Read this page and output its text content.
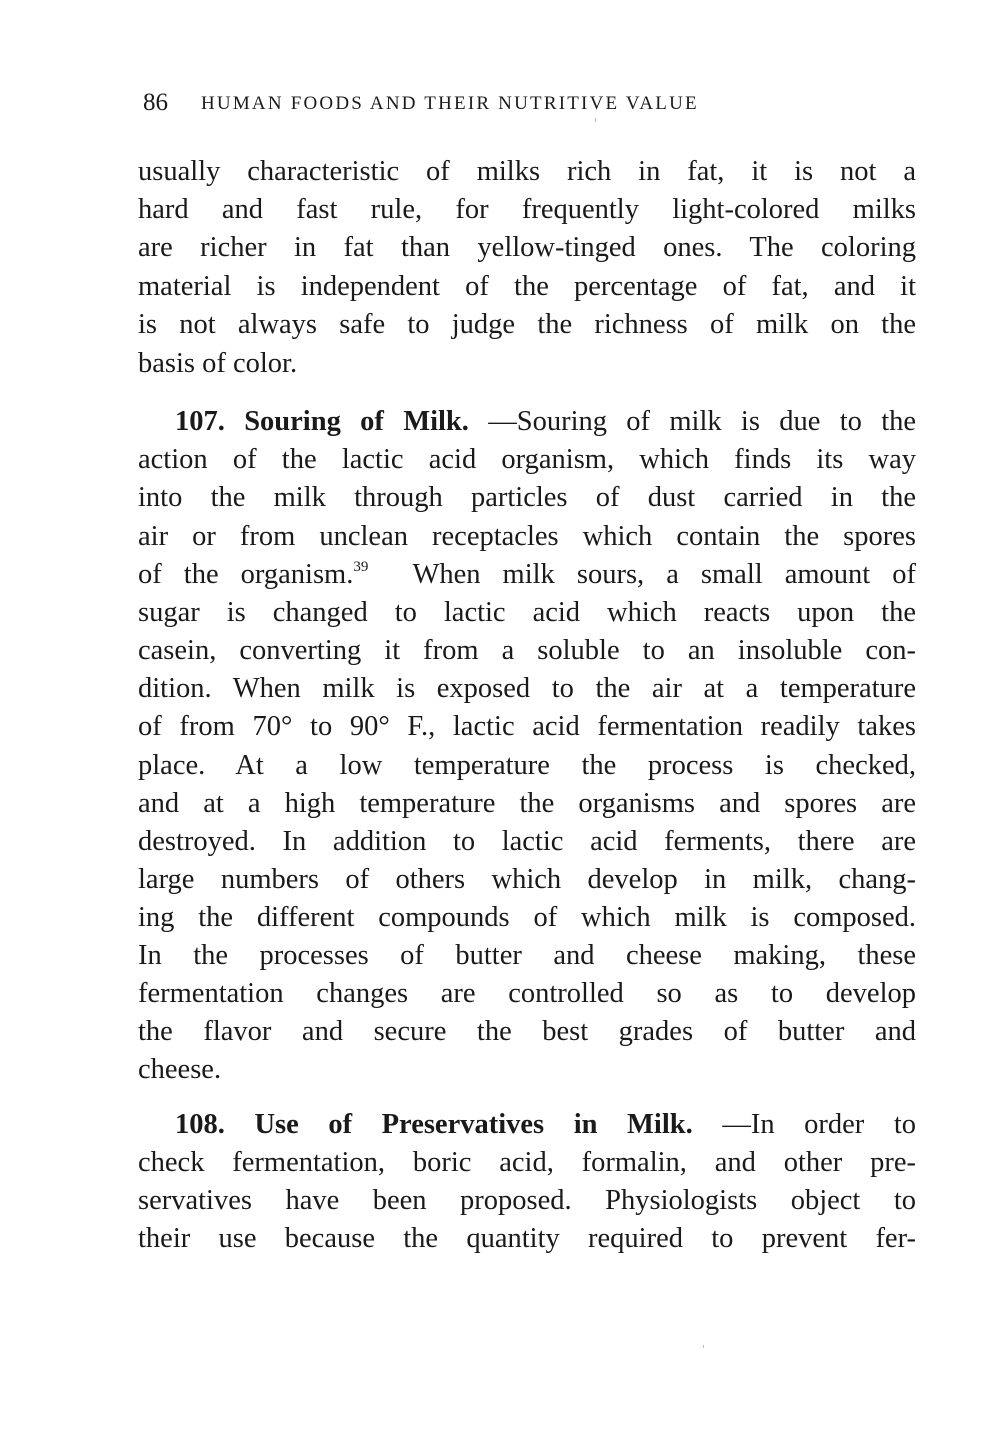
86 HUMAN FOODS AND THEIR NUTRITIVE VALUE
usually characteristic of milks rich in fat, it is not a
hard and fast rule, for frequently light-colored milks
are richer in fat than yellow-tinged ones. The coloring
material is independent of the percentage of fat, and it
is not always safe to judge the richness of milk on the
basis of color.
107. Souring of Milk. —Souring of milk is due to the
action of the lactic acid organism, which finds its way
into the milk through particles of dust carried in the
air or from unclean receptacles which contain the spores
of the organism.$^{39}$ When milk sours, a small amount of
sugar is changed to lactic acid which reacts upon the
casein, converting it from a soluble to an insoluble con-
dition. When milk is exposed to the air at a temperature
of from 70° to 90° F., lactic acid fermentation readily takes
place. At a low temperature the process is checked,
and at a high temperature the organisms and spores are
destroyed. In addition to lactic acid ferments, there are
large numbers of others which develop in milk, chang-
ing the different compounds of which milk is composed.
In the processes of butter and cheese making, these
fermentation changes are controlled so as to develop
the flavor and secure the best grades of butter and
cheese.
108. Use of Preservatives in Milk. —In order to
check fermentation, boric acid, formalin, and other pre-
servatives have been proposed. Physiologists object to
their use because the quantity required to prevent fer-
